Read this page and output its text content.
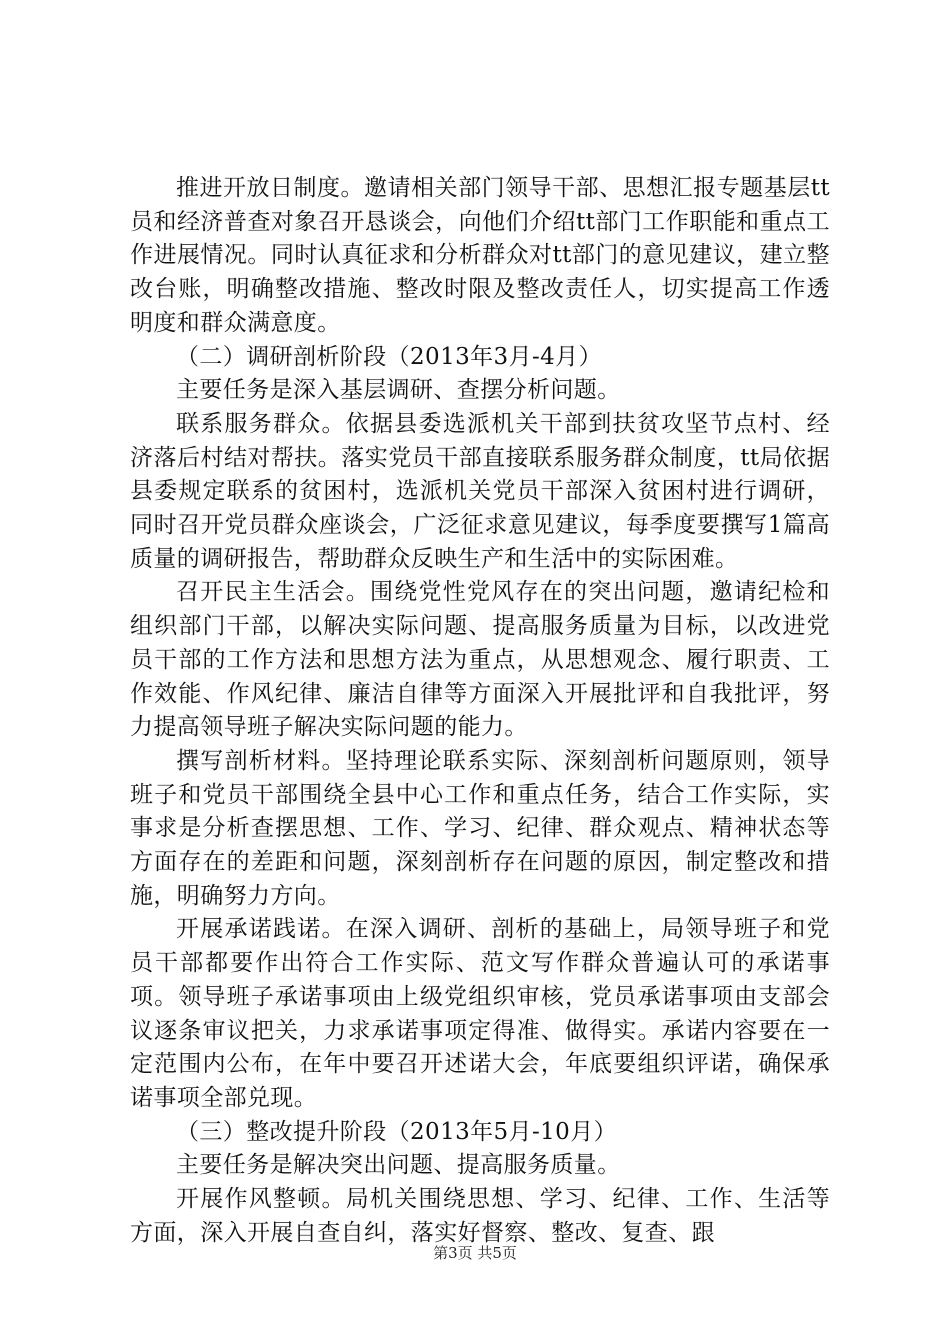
推进开放日制度。邀请相关部门领导干部、思想汇报专题基层tt员和经济普查对象召开恳谈会，向他们介绍tt部门工作职能和重点工作进展情况。同时认真征求和分析群众对tt部门的意见建议，建立整改台账，明确整改措施、整改时限及整改责任人，切实提高工作透明度和群众满意度。

（二）调研剖析阶段（2013年3月-4月）

主要任务是深入基层调研、查摆分析问题。

联系服务群众。依据县委选派机关干部到扶贫攻坚节点村、经济落后村结对帮扶。落实党员干部直接联系服务群众制度，tt局依据县委规定联系的贫困村，选派机关党员干部深入贫困村进行调研，同时召开党员群众座谈会，广泛征求意见建议，每季度要撰写1篇高质量的调研报告，帮助群众反映生产和生活中的实际困难。

召开民主生活会。围绕党性党风存在的突出问题，邀请纪检和组织部门干部，以解决实际问题、提高服务质量为目标，以改进党员干部的工作方法和思想方法为重点，从思想观念、履行职责、工作效能、作风纪律、廉洁自律等方面深入开展批评和自我批评，努力提高领导班子解决实际问题的能力。

撰写剖析材料。坚持理论联系实际、深刻剖析问题原则，领导班子和党员干部围绕全县中心工作和重点任务，结合工作实际，实事求是分析查摆思想、工作、学习、纪律、群众观点、精神状态等方面存在的差距和问题，深刻剖析存在问题的原因，制定整改和措施，明确努力方向。

开展承诺践诺。在深入调研、剖析的基础上，局领导班子和党员干部都要作出符合工作实际、范文写作群众普遍认可的承诺事项。领导班子承诺事项由上级党组织审核，党员承诺事项由支部会议逐条审议把关，力求承诺事项定得准、做得实。承诺内容要在一定范围内公布，在年中要召开述诺大会，年底要组织评诺，确保承诺事项全部兑现。

（三）整改提升阶段（2013年5月-10月）

主要任务是解决突出问题、提高服务质量。

开展作风整顿。局机关围绕思想、学习、纪律、工作、生活等方面，深入开展自查自纠，落实好督察、整改、复查、跟

第3页 共5页
